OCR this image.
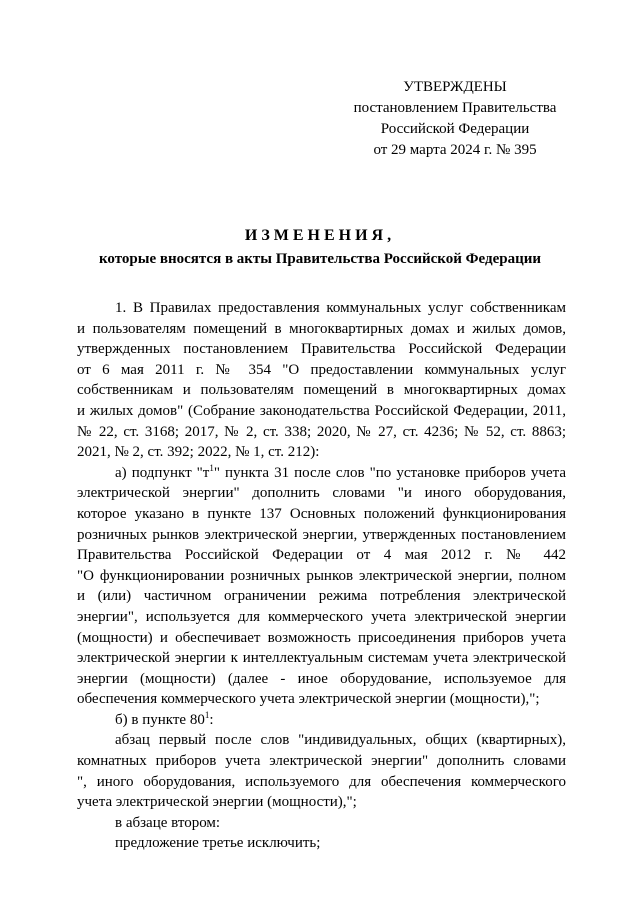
УТВЕРЖДЕНЫ
постановлением Правительства
Российской Федерации
от 29 марта 2024 г. № 395
ИЗМЕНЕНИЯ,
которые вносятся в акты Правительства Российской Федерации
1. В Правилах предоставления коммунальных услуг собственникам
и пользователям помещений в многоквартирных домах и жилых домов,
утвержденных постановлением Правительства Российской Федерации
от 6 мая 2011 г. № 354 "О предоставлении коммунальных услуг
собственникам и пользователям помещений в многоквартирных домах
и жилых домов" (Собрание законодательства Российской Федерации, 2011,
№ 22, ст. 3168; 2017, № 2, ст. 338; 2020, № 27, ст. 4236; № 52, ст. 8863;
2021, № 2, ст. 392; 2022, № 1, ст. 212):
а) подпункт "$т^1$" пункта 31 после слов "по установке приборов учета
электрической энергии" дополнить словами "и иного оборудования,
которое указано в пункте 137 Основных положений функционирования
розничных рынков электрической энергии, утвержденных постановлением
Правительства Российской Федерации от 4 мая 2012 г. № 442
"О функционировании розничных рынков электрической энергии, полном
и (или) частичном ограничении режима потребления электрической
энергии", используется для коммерческого учета электрической энергии
(мощности) и обеспечивает возможность присоединения приборов учета
электрической энергии к интеллектуальным системам учета электрической
энергии (мощности) (далее - иное оборудование, используемое для
обеспечения коммерческого учета электрической энергии (мощности),";
б) в пункте $80^1$:
абзац первый после слов "индивидуальных, общих (квартирных),
комнатных приборов учета электрической энергии" дополнить словами
", иного оборудования, используемого для обеспечения коммерческого
учета электрической энергии (мощности),";
в абзаце втором:
предложение третье исключить;
